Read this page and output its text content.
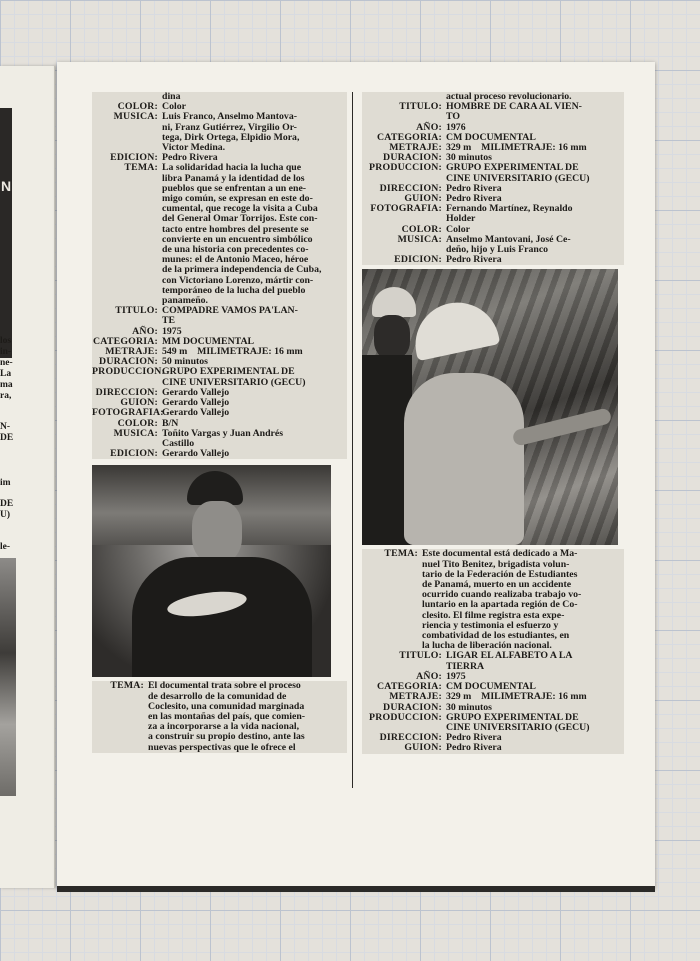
N
los
in-
ne-
La
ma
ra,
N-
DE
im
DE
U)
le-
dina
COLOR: Color
MUSICA: Luis Franco, Anselmo Mantova-
ni, Franz Gutiérrez, Virgilio Or-
tega, Dirk Ortega, Elpidio Mora,
Victor Medina.
EDICION: Pedro Rivera
TEMA: La solidaridad hacia la lucha que
libra Panamá y la identidad de los
pueblos que se enfrentan a un ene-
migo común, se expresan en este do-
cumental, que recoge la visita a Cuba
del General Omar Torrijos. Este con-
tacto entre hombres del presente se
convierte en un encuentro simbólico
de una historia con precedentes co-
munes: el de Antonio Maceo, héroe
de la primera independencia de Cuba,
con Victoriano Lorenzo, mártir con-
temporáneo de la lucha del pueblo
panameño.
TITULO: COMPADRE VAMOS PA'LAN-
TE
AÑO: 1975
CATEGORIA: MM DOCUMENTAL
METRAJE: 549 m    MILIMETRAJE: 16 mm
DURACION: 50 minutos
PRODUCCION:
GRUPO EXPERIMENTAL DE
CINE UNIVERSITARIO (GECU)
DIRECCION: Gerardo Vallejo
GUION: Gerardo Vallejo
FOTOGRAFIA:
Gerardo Vallejo
COLOR: B/N
MUSICA: Toñito Vargas y Juan Andrés
Castillo
EDICION: Gerardo Vallejo
TEMA: El documental trata sobre el proceso
de desarrollo de la comunidad de
Coclesito, una comunidad marginada
en las montañas del país, que comien-
za a incorporarse a la vida nacional,
a construir su propio destino, ante las
nuevas perspectivas que le ofrece el
actual proceso revolucionario.
TITULO: HOMBRE DE CARA AL VIEN-
TO
AÑO: 1976
CATEGORIA: CM DOCUMENTAL
METRAJE: 329 m    MILIMETRAJE: 16 mm
DURACION: 30 minutos
PRODUCCION: GRUPO EXPERIMENTAL DE
CINE UNIVERSITARIO (GECU)
DIRECCION: Pedro Rivera
GUION: Pedro Rivera
FOTOGRAFIA: Fernando Martínez, Reynaldo
Holder
COLOR: Color
MUSICA: Anselmo Mantovani, José Ce-
deño, hijo y Luis Franco
EDICION: Pedro Rivera
TEMA: Este documental está dedicado a Ma-
nuel Tito Benitez, brigadista volun-
tario de la Federación de Estudiantes
de Panamá, muerto en un accidente
ocurrido cuando realizaba trabajo vo-
luntario en la apartada región de Co-
clesito. El filme registra esta expe-
riencia y testimonia el esfuerzo y
combatividad de los estudiantes, en
la lucha de liberación nacional.
TITULO: LIGAR EL ALFABETO A LA
TIERRA
AÑO: 1975
CATEGORIA: CM DOCUMENTAL
METRAJE: 329 m    MILIMETRAJE: 16 mm
DURACION: 30 minutos
PRODUCCION: GRUPO EXPERIMENTAL DE
CINE UNIVERSITARIO (GECU)
DIRECCION: Pedro Rivera
GUION: Pedro Rivera
